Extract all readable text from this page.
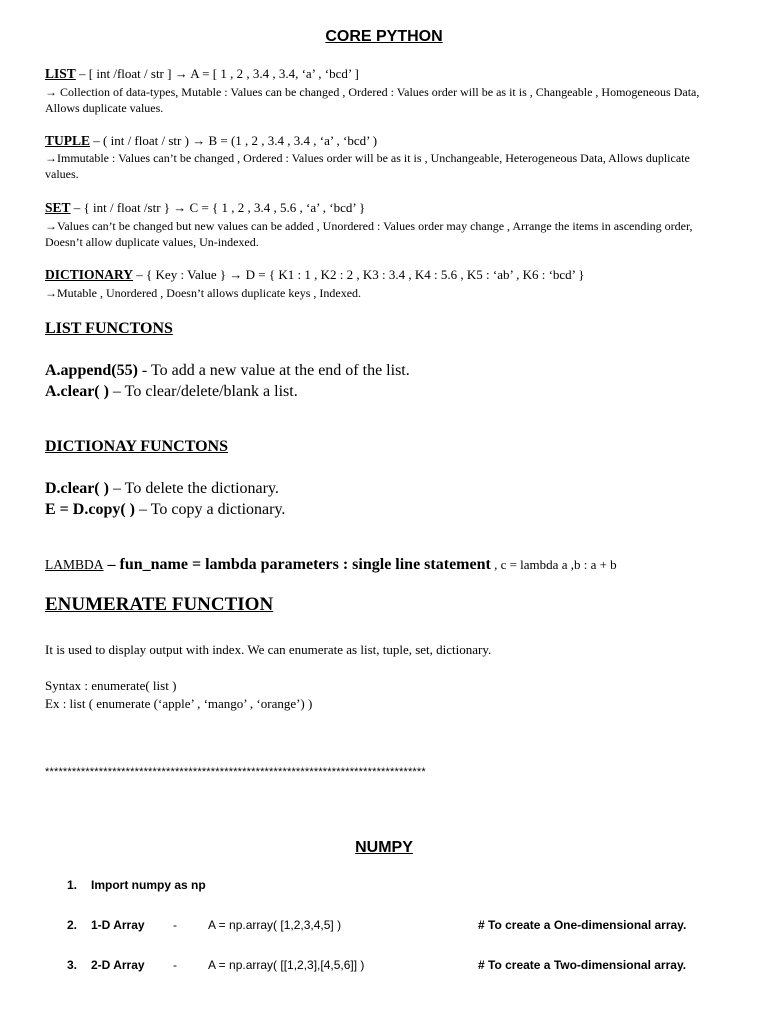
CORE PYTHON
LIST – [ int /float / str ] → A = [ 1 , 2 , 3.4 , 3.4, ‘a’ , ‘bcd’ ]
→ Collection of data-types, Mutable : Values can be changed , Ordered : Values order will be as it is , Changeable , Homogeneous Data, Allows duplicate values.
TUPLE – ( int / float / str ) → B = (1 , 2 , 3.4 , 3.4 , ‘a’ , ‘bcd’ )
→Immutable : Values can’t be changed , Ordered : Values order will be as it is , Unchangeable, Heterogeneous Data, Allows duplicate values.
SET – { int / float /str } → C = { 1 , 2 , 3.4 , 5.6 , ‘a’ , ‘bcd’ }
→Values can’t be changed but new values can be added , Unordered : Values order may change , Arrange the items in ascending order, Doesn’t allow duplicate values, Un-indexed.
DICTIONARY – { Key : Value } → D = { K1 : 1 , K2 : 2 , K3 : 3.4 , K4 : 5.6 , K5 : ‘ab’ , K6 : ‘bcd’ }
→Mutable , Unordered , Doesn’t allows duplicate keys , Indexed.
LIST FUNCTONS
A.append(55) - To add a new value at the end of the list.
A.clear( ) – To clear/delete/blank a list.
DICTIONAY FUNCTONS
D.clear( ) – To delete the dictionary.
E = D.copy( ) – To copy a dictionary.
LAMBDA – fun_name = lambda parameters : single line statement , c = lambda a ,b : a + b
ENUMERATE FUNCTION
It is used to display output with index. We can enumerate as list, tuple, set, dictionary.
Syntax : enumerate( list )
Ex : list ( enumerate (‘apple’ , ‘mango’ , ‘orange’) )
*************************************************************************************
NUMPY
1. Import numpy as np
2. 1-D Array -	A = np.array( [1,2,3,4,5] )	# To create a One-dimensional array.
3. 2-D Array -	A = np.array( [[1,2,3],[4,5,6]] )	# To create a Two-dimensional array.
